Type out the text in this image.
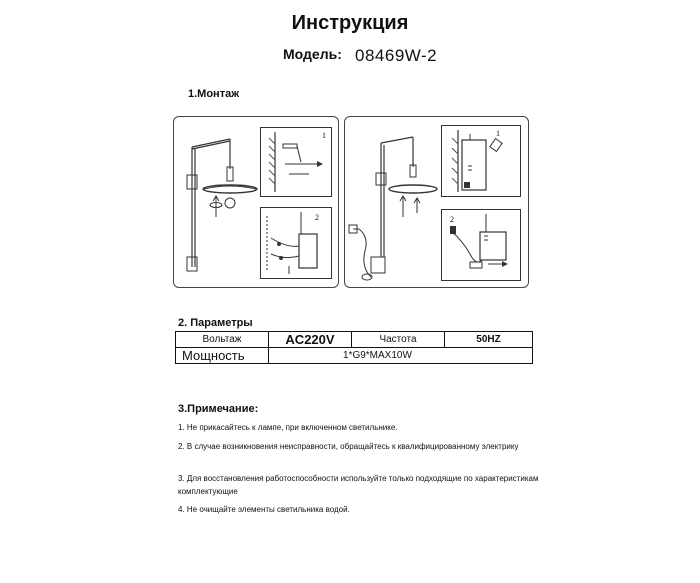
Инструкция
Модель: 08469W-2
1.Монтаж
1
2
1
2
2. Параметры
Вольтаж	AC220V	Частота	50HZ
Мощность	1*G9*MAX10W		
3.Примечание:
1. Не прикасайтесь к лампе, при включенном светильнике.
2. В случае возникновения неисправности, обращайтесь к квалифицированному электрику
3. Для восстановления работоспособности используйте только подходящие по характеристикам комплектующие
4. Не очищайте элементы светильника водой.
